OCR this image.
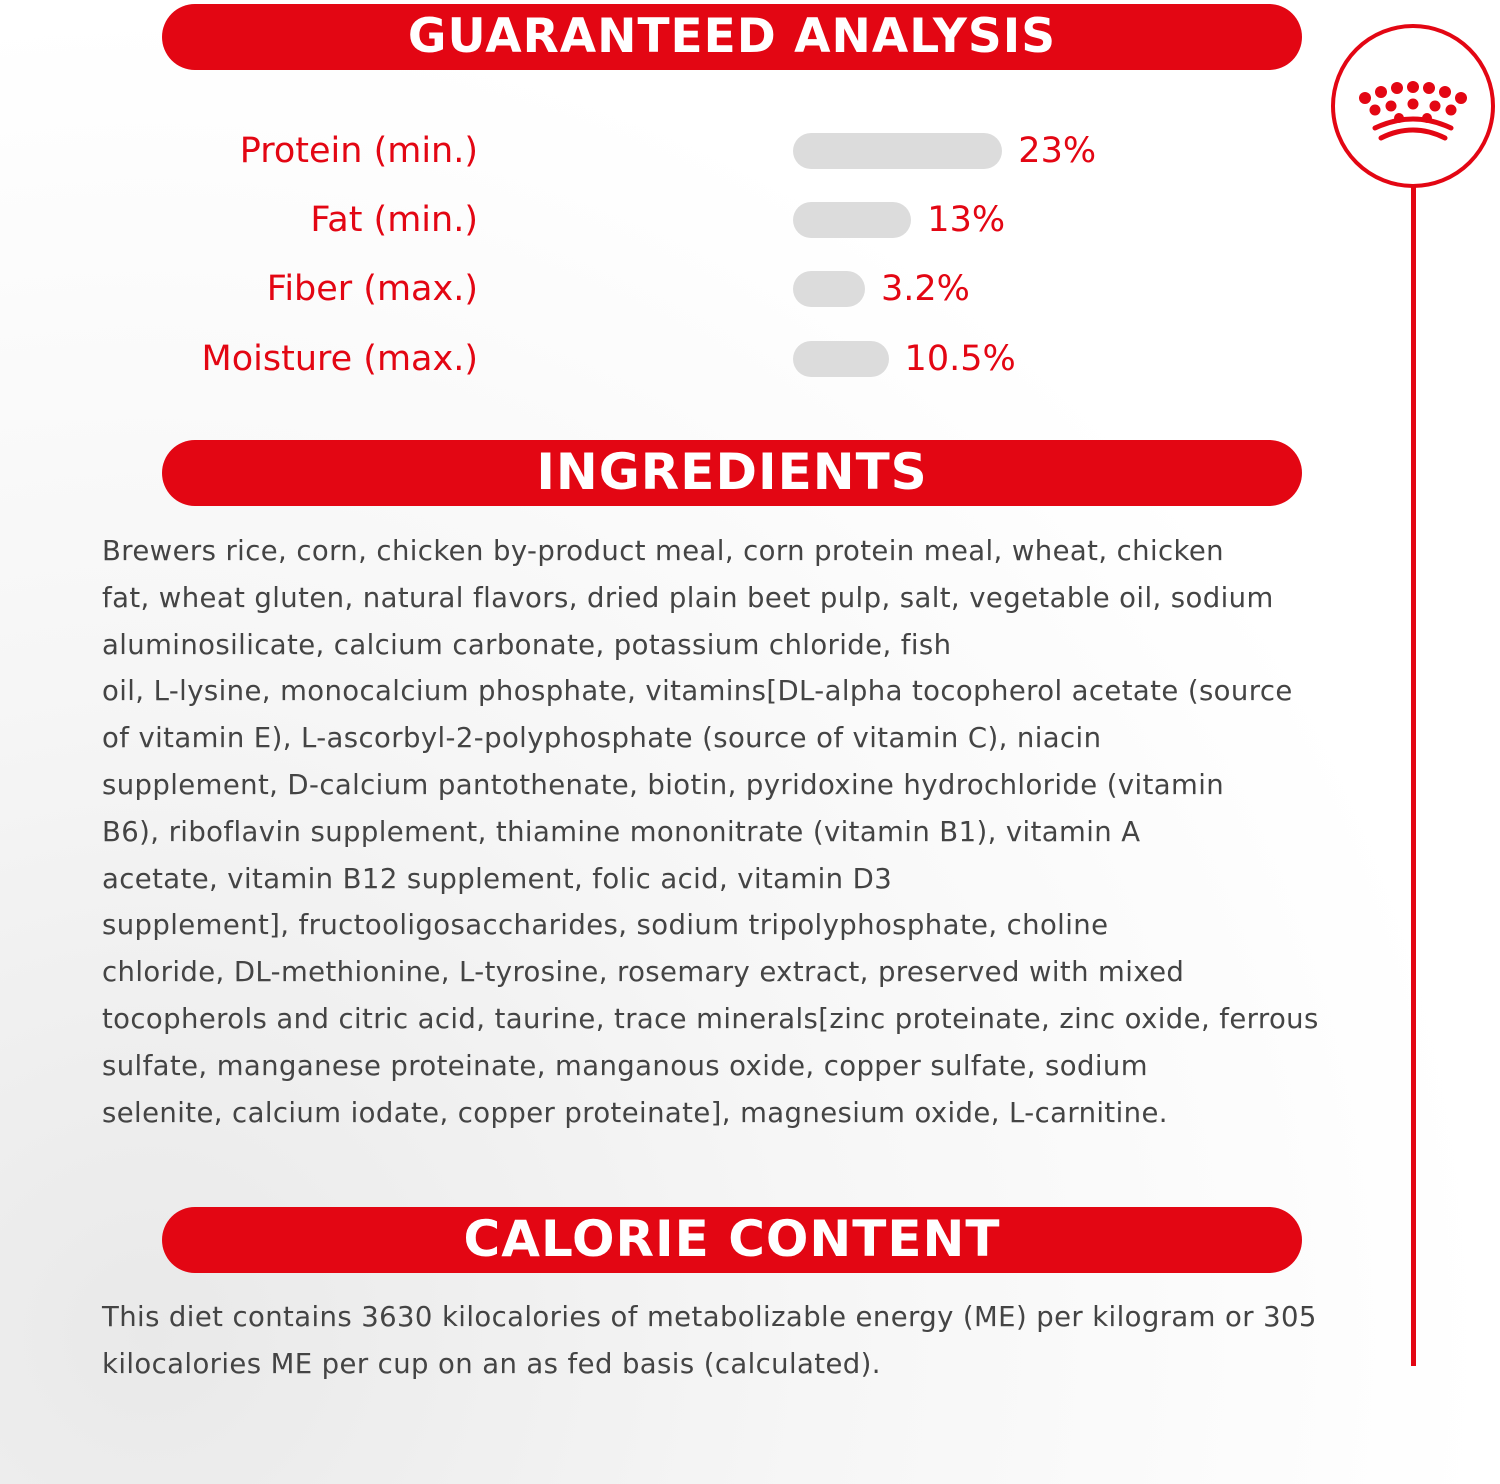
GUARANTEED ANALYSIS
Protein (min.)	23%
Fat (min.)	13%
Fiber (max.)	3.2%
Moisture (max.)	10.5%
INGREDIENTS
Brewers rice, corn, chicken by-product meal, corn protein meal, wheat, chicken
fat, wheat gluten, natural flavors, dried plain beet pulp, salt, vegetable oil, sodium
aluminosilicate, calcium carbonate, potassium chloride, fish
oil, L-lysine, monocalcium phosphate, vitamins[DL-alpha tocopherol acetate (source
of vitamin E), L-ascorbyl-2-polyphosphate (source of vitamin C), niacin
supplement, D-calcium pantothenate, biotin, pyridoxine hydrochloride (vitamin
B6), riboflavin supplement, thiamine mononitrate (vitamin B1), vitamin A
acetate, vitamin B12 supplement, folic acid, vitamin D3
supplement], fructooligosaccharides, sodium tripolyphosphate, choline
chloride, DL-methionine, L-tyrosine, rosemary extract, preserved with mixed
tocopherols and citric acid, taurine, trace minerals[zinc proteinate, zinc oxide, ferrous
sulfate, manganese proteinate, manganous oxide, copper sulfate, sodium
selenite, calcium iodate, copper proteinate], magnesium oxide, L-carnitine.
CALORIE CONTENT
This diet contains 3630 kilocalories of metabolizable energy (ME) per kilogram or 305
kilocalories ME per cup on an as fed basis (calculated).
